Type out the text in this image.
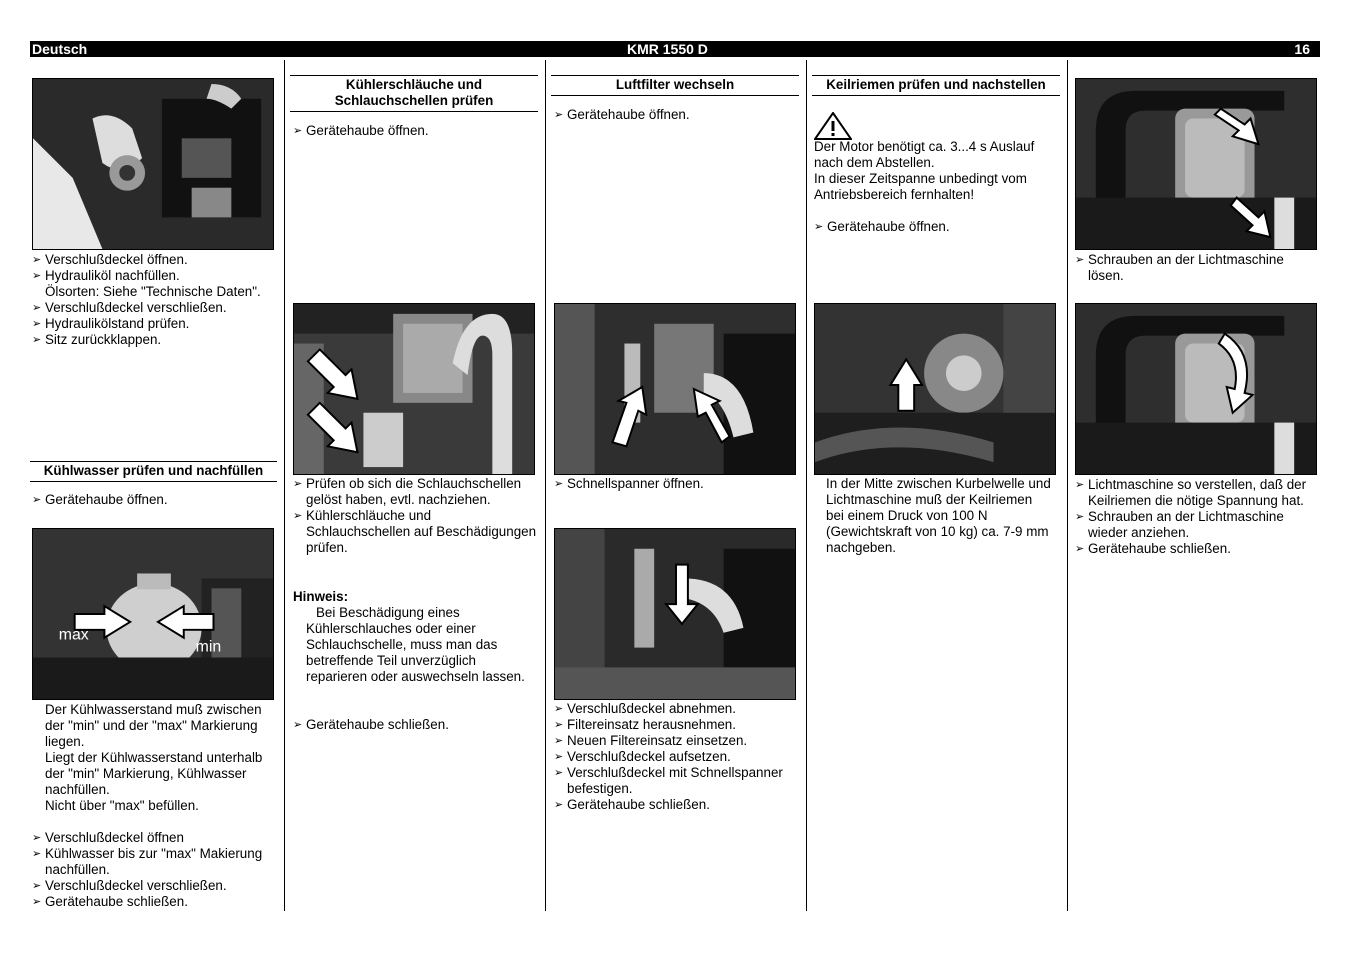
Deutsch	KMR 1550 D	16
➢ Verschlußdeckel öffnen.
➢ Hydrauliköl nachfüllen.
Ölsorten: Siehe "Technische Daten".
➢ Verschlußdeckel verschließen.
➢ Hydraulikölstand prüfen.
➢ Sitz zurückklappen.
Kühlwasser prüfen und nachfüllen
➢ Gerätehaube öffnen.
max
min
Der Kühlwasserstand muß zwischen der "min" und der "max" Markierung liegen.
Liegt der Kühlwasserstand unterhalb der "min" Markierung, Kühlwasser nachfüllen.
Nicht über "max" befüllen.
➢ Verschlußdeckel öffnen
➢ Kühlwasser bis zur "max" Makierung nachfüllen.
➢ Verschlußdeckel verschließen.
➢ Gerätehaube schließen.
Kühlerschläuche und Schlauchschellen prüfen
➢ Gerätehaube öffnen.
➢ Prüfen ob sich die Schlauchschellen gelöst haben, evtl. nachziehen.
➢ Kühlerschläuche und Schlauchschellen auf Beschädigungen prüfen.
Hinweis:
Bei Beschädigung eines Kühlerschlauches oder einer Schlauchschelle, muss man das betreffende Teil unverzüglich reparieren oder auswechseln lassen.
➢ Gerätehaube schließen.
Luftfilter wechseln
➢ Gerätehaube öffnen.
➢ Schnellspanner öffnen.
➢ Verschlußdeckel abnehmen.
➢ Filtereinsatz herausnehmen.
➢ Neuen Filtereinsatz einsetzen.
➢ Verschlußdeckel aufsetzen.
➢ Verschlußdeckel mit Schnellspanner befestigen.
➢ Gerätehaube schließen.
Keilriemen prüfen und nachstellen
Der Motor benötigt ca. 3...4 s Auslauf nach dem Abstellen.
In dieser Zeitspanne unbedingt vom Antriebsbereich fernhalten!
➢ Gerätehaube öffnen.
In der Mitte zwischen Kurbelwelle und Lichtmaschine muß der Keilriemen bei einem Druck von 100 N (Gewichtskraft von 10 kg) ca. 7-9 mm nachgeben.
➢ Schrauben an der Lichtmaschine lösen.
➢ Lichtmaschine so verstellen, daß der Keilriemen die nötige Spannung hat.
➢ Schrauben an der Lichtmaschine wieder anziehen.
➢ Gerätehaube schließen.
